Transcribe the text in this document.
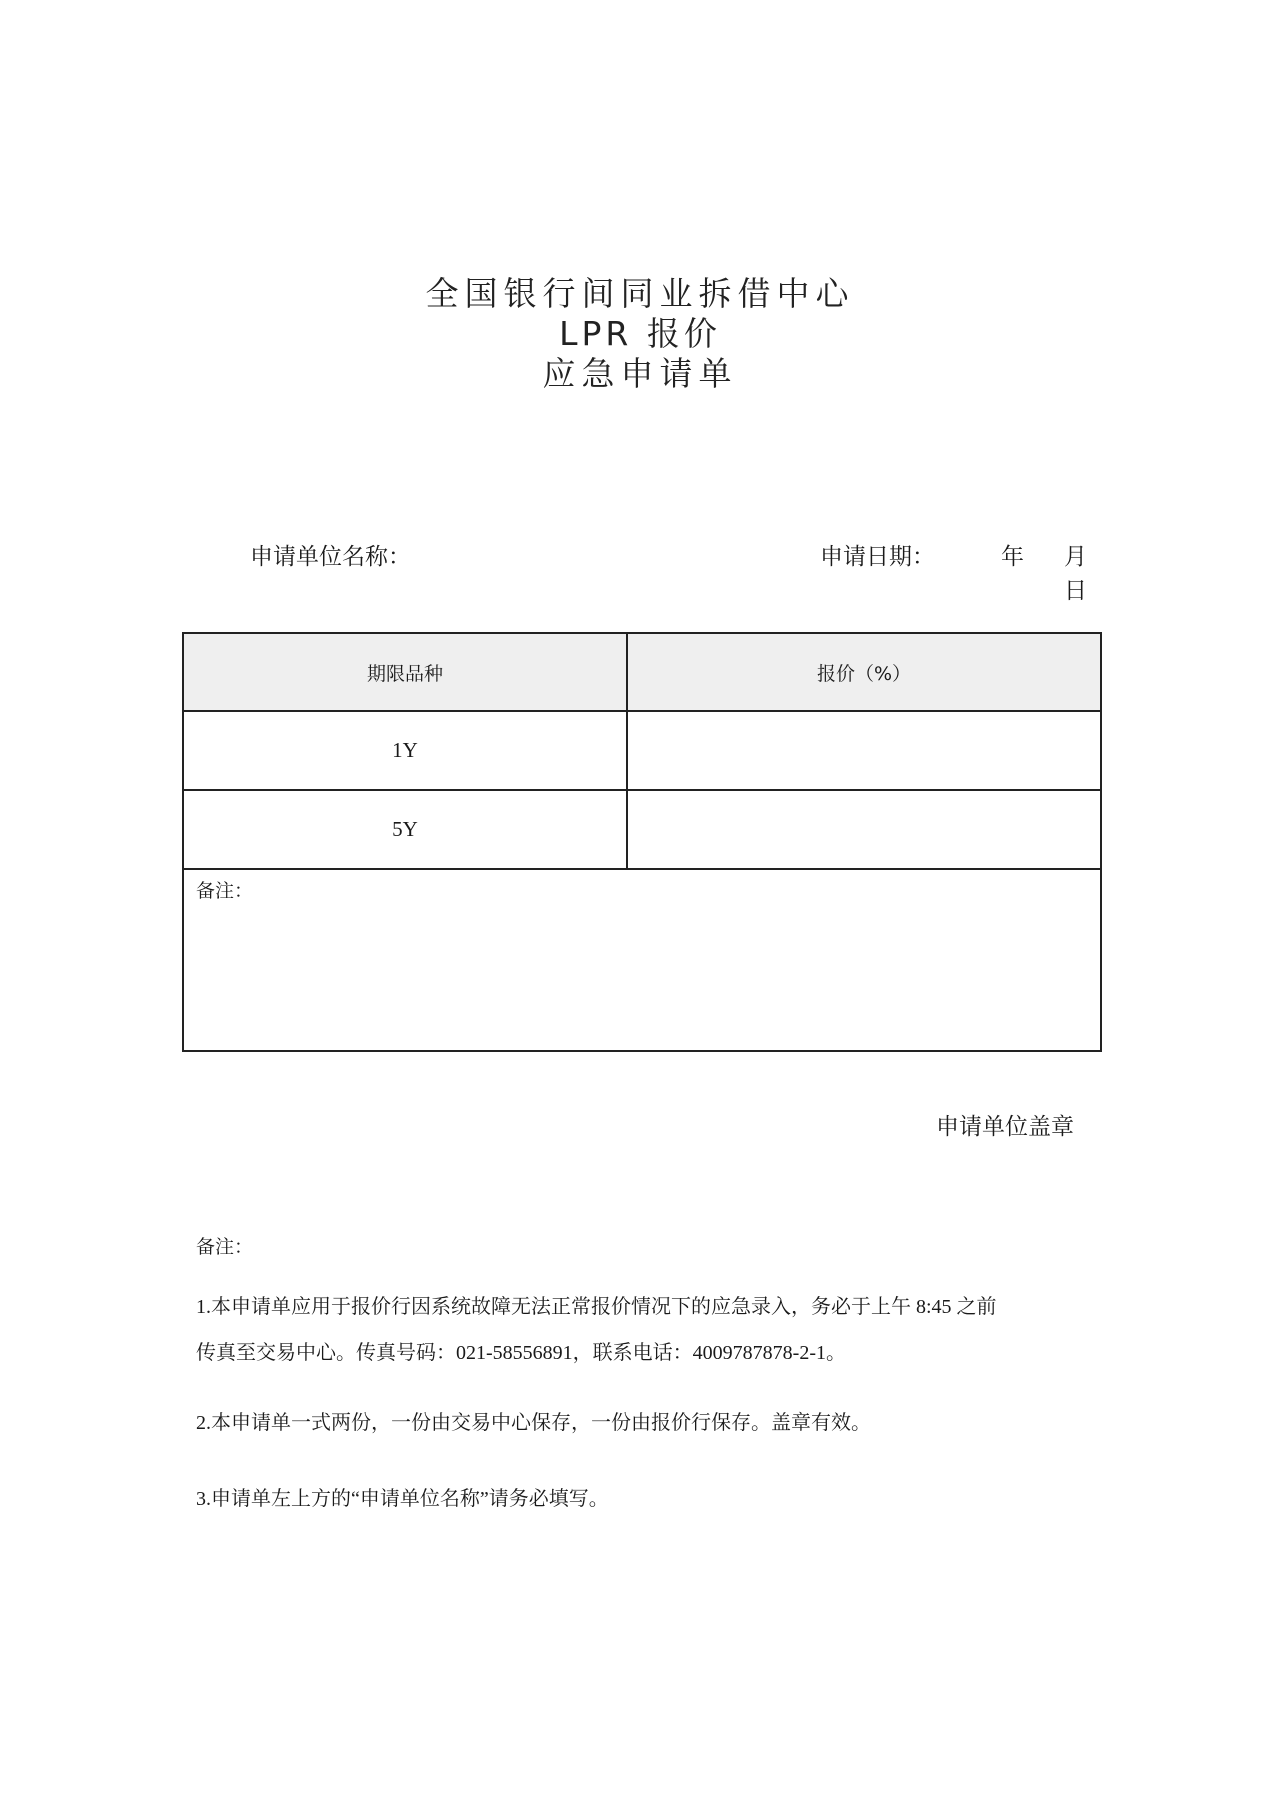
全国银行间同业拆借中心
LPR 报价
应急申请单
申请单位名称：	申请日期：	年 月
日
期限品种	报价（%）
1Y	
5Y	
备注：	
申请单位盖章
备注：
1.本申请单应用于报价行因系统故障无法正常报价情况下的应急录入，务必于上午 8:45 之前
传真至交易中心。传真号码：021-58556891，联系电话：4009787878-2-1。
2.本申请单一式两份，一份由交易中心保存，一份由报价行保存。盖章有效。
3.申请单左上方的“申请单位名称”请务必填写。
